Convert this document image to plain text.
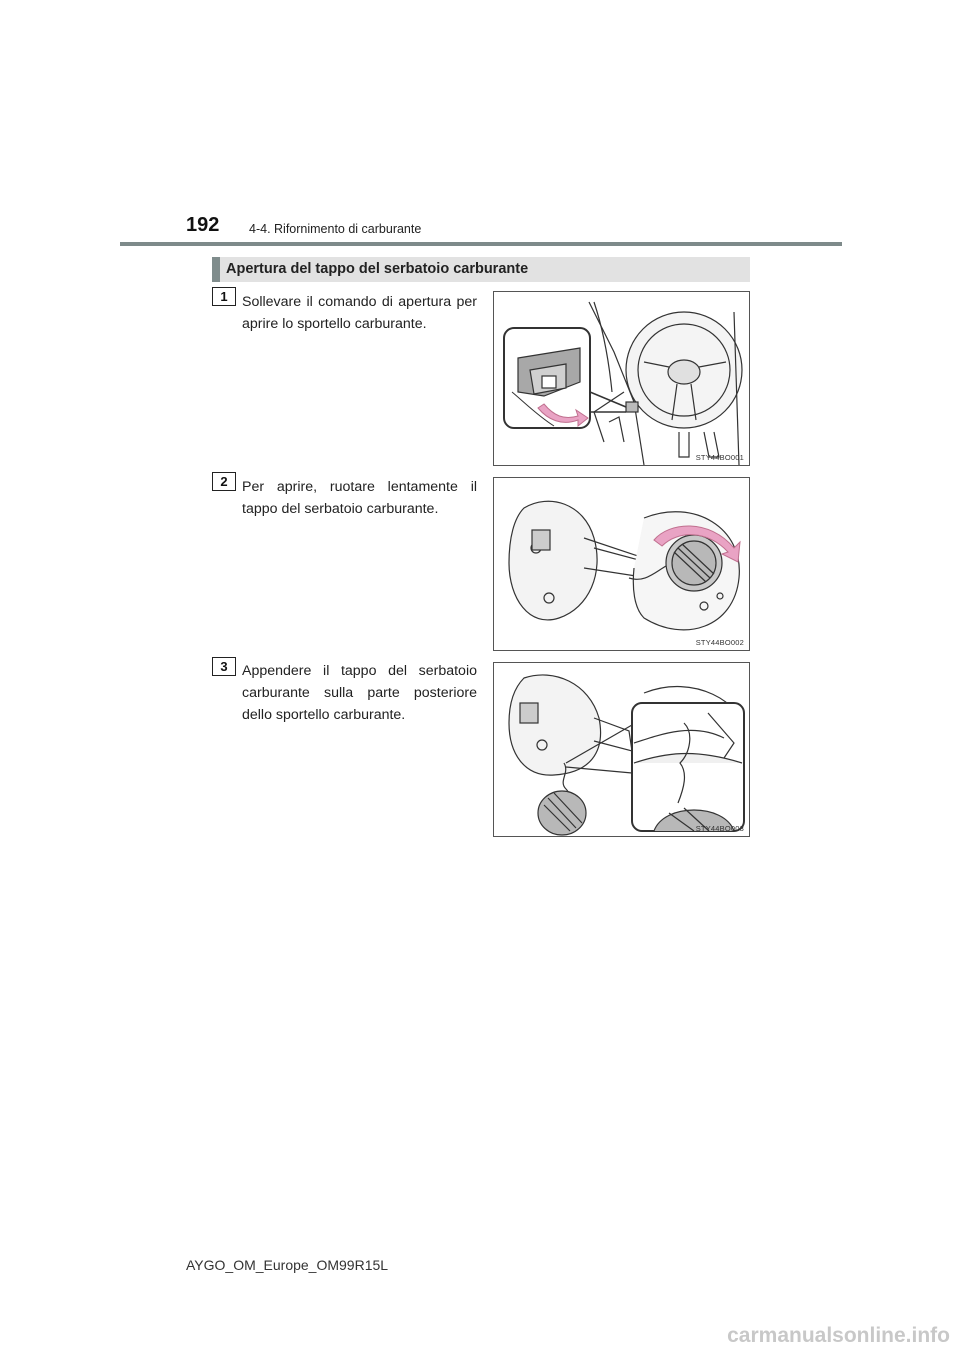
192 4-4. Rifornimento di carburante
Apertura del tappo del serbatoio carburante
1	Sollevare il comando di apertura per aprire lo sportello carburante.
STY44BO001
2	Per aprire, ruotare lentamente il tappo del serbatoio carburante.
STY44BO002
3	Appendere il tappo del serbatoio carburante sulla parte posteriore dello sportello carburante.
STY44BO003
AYGO_OM_Europe_OM99R15L
carmanualsonline.info
